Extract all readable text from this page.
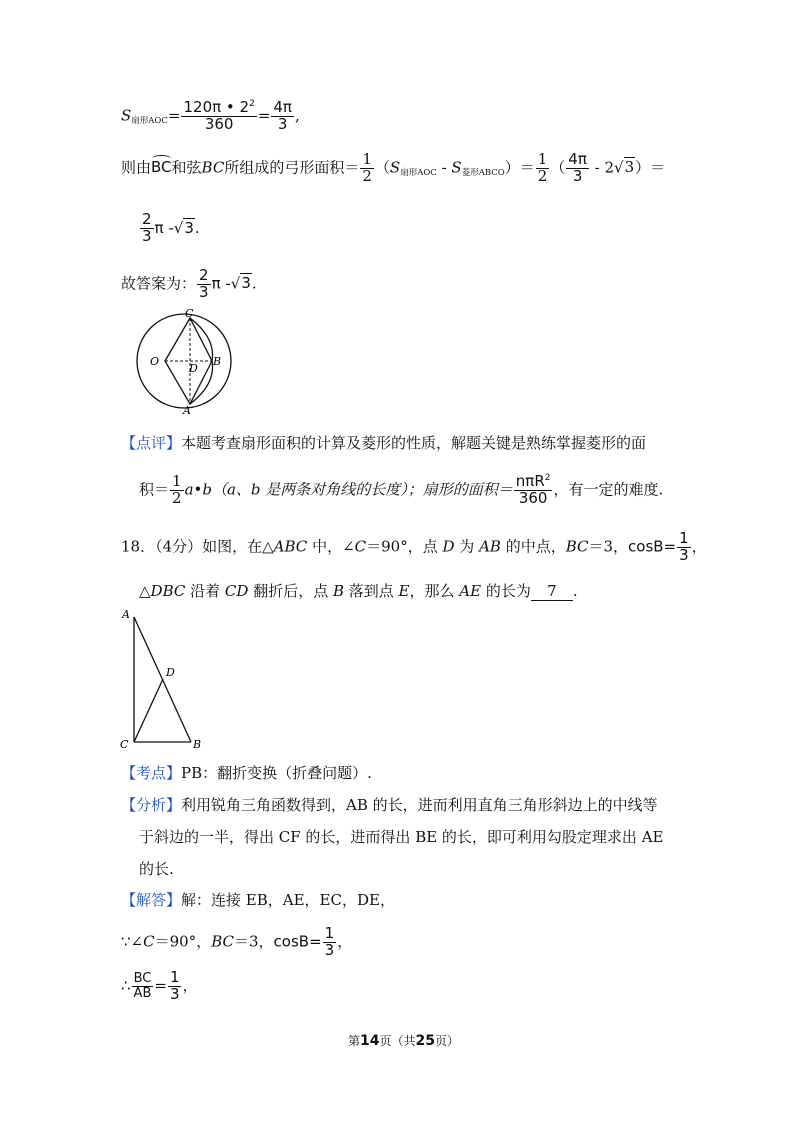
$S_{扇形AOC}= \frac{120\pi • 2^2}{360} = \frac{4\pi}{3}$ ,
则由BC和弦BC所组成的弓形面积＝ $\frac{1}{2} (S_{扇形AOC} - S_{菱形ABCO})= \frac{1}{2}$ （ $\frac{4\pi}{3} - 2√3)=$
$\frac{2}{3}$ π -√3.
故答案为： $\frac{2}{3}$ π -√3.
C
O
D
B
A
【点评】本题考查扇形面积的计算及菱形的性质，解题关键是熟练掌握菱形的面
积＝ $\frac{1}{2}$ a•b（a、b 是两条对角线的长度）；扇形的面积＝ $\frac{n\pi R^2}{360}$ ，有一定的难度.
18．（4分）如图，在△ABC 中，∠C＝90°，点 D 为 AB 的中点，BC＝3，$\cos B= \frac{1}{3}$ ，
△DBC 沿着 CD 翻折后，点 B 落到点 E，那么 AE 的长为 7 .
A
D
C	B
【考点】PB：翻折变换（折叠问题）.
【分析】利用锐角三角函数得到，AB 的长，进而利用直角三角形斜边上的中线等
于斜边的一半，得出 CF 的长，进而得出 BE 的长，即可利用勾股定理求出 AE
的长.
【解答】解：连接 EB，AE，EC，DE，
∵∠C＝90°，BC＝3，$\cos B= \frac{1}{3}$ ，
∴ $\frac{BC}{AB} = \frac{1}{3}$ ，
第14页（共25页）
